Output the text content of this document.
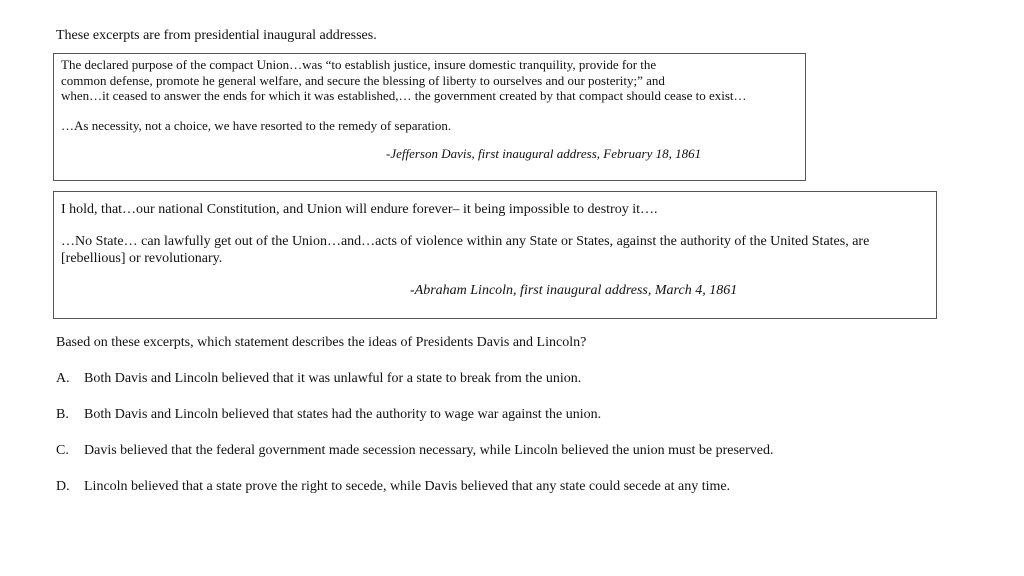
These excerpts are from presidential inaugural addresses.
The declared purpose of the compact Union…was “to establish justice, insure domestic tranquility, provide for the
common defense, promote he general welfare, and secure the blessing of liberty to ourselves and our posterity;” and
when…it ceased to answer the ends for which it was established,… the government created by that compact should cease to exist…
…As necessity, not a choice, we have resorted to the remedy of separation.
-Jefferson Davis, first inaugural address, February 18, 1861
I hold, that…our national Constitution, and Union will endure forever– it being impossible to destroy it….
…No State… can lawfully get out of the Union…and…acts of violence within any State or States, against the authority of the United States, are [rebellious] or revolutionary.
-Abraham Lincoln, first inaugural address, March 4, 1861
Based on these excerpts, which statement describes the ideas of Presidents Davis and Lincoln?
A. Both Davis and Lincoln believed that it was unlawful for a state to break from the union.
B. Both Davis and Lincoln believed that states had the authority to wage war against the union.
C. Davis believed that the federal government made secession necessary, while Lincoln believed the union must be preserved.
D. Lincoln believed that a state prove the right to secede, while Davis believed that any state could secede at any time.
